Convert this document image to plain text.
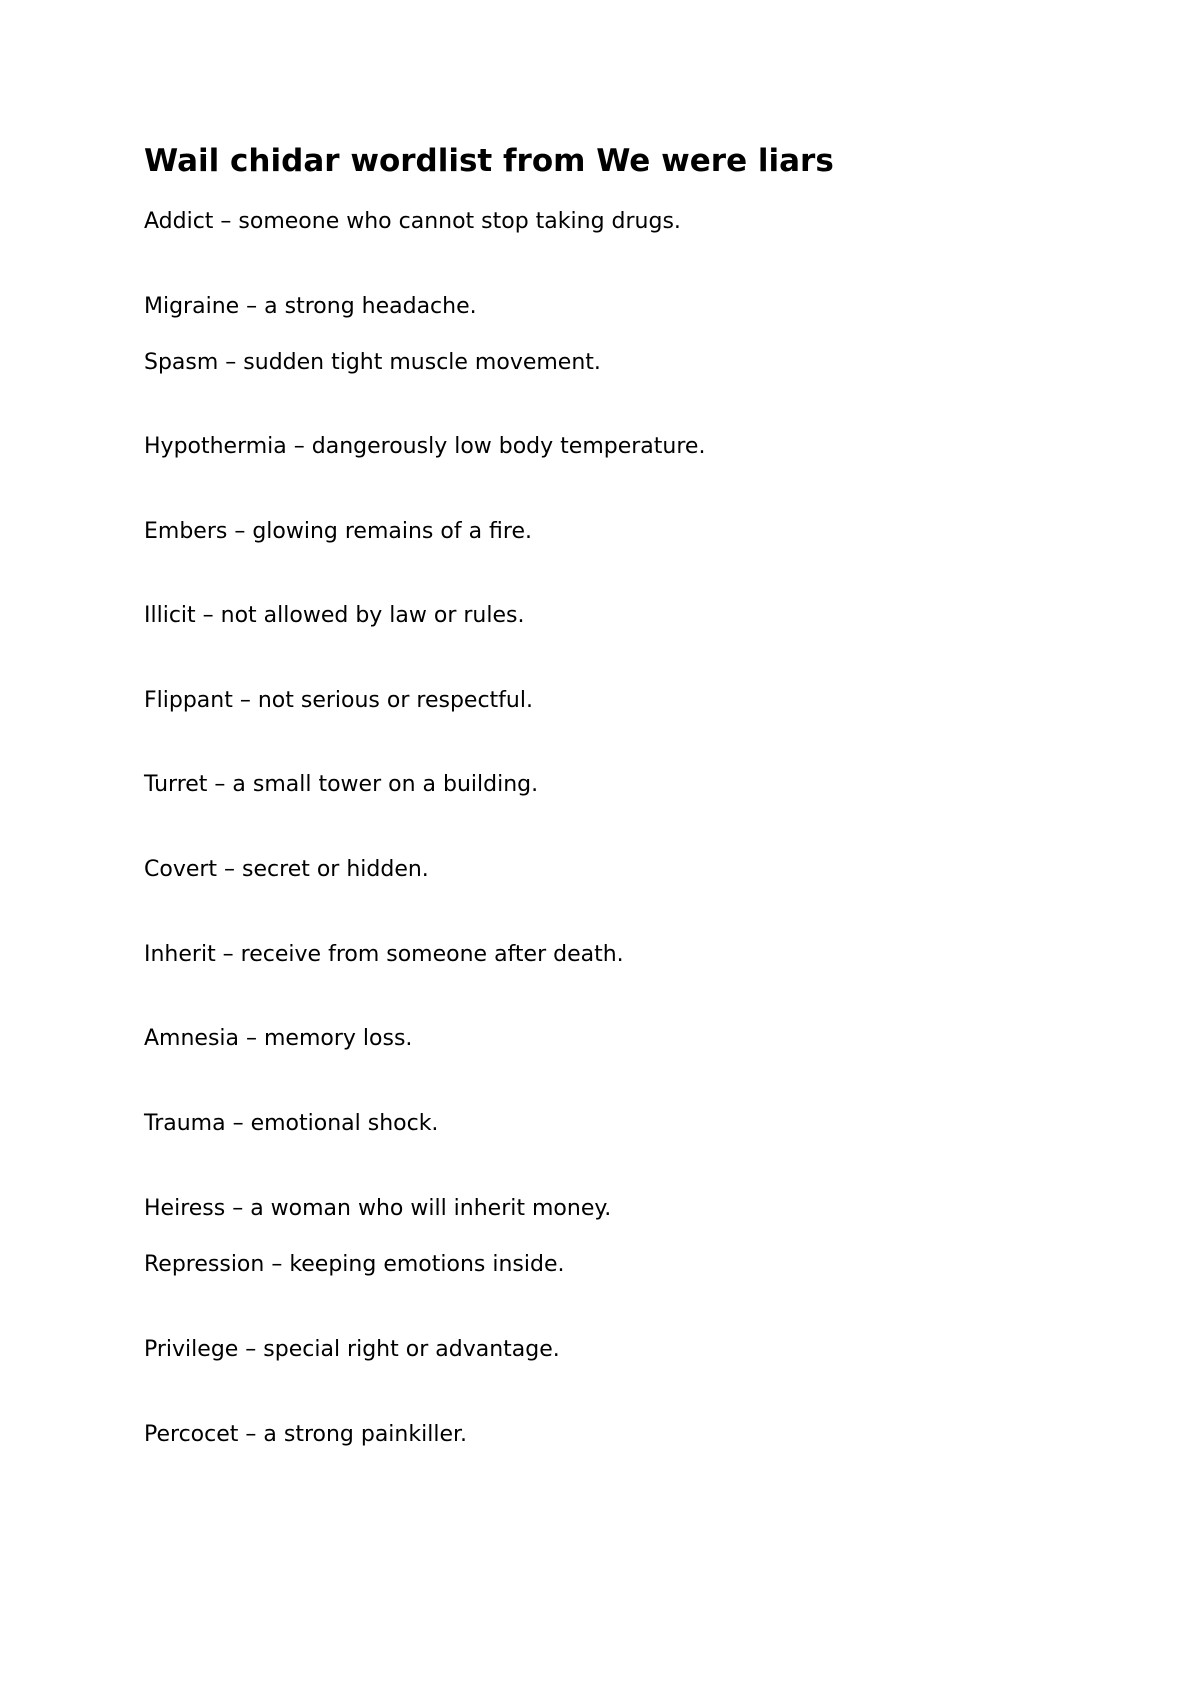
Wail chidar wordlist from We were liars

Addict – someone who cannot stop taking drugs.

Migraine – a strong headache.

Spasm – sudden tight muscle movement.

Hypothermia – dangerously low body temperature.

Embers – glowing remains of a fire.

Illicit – not allowed by law or rules.

Flippant – not serious or respectful.

Turret – a small tower on a building.

Covert – secret or hidden.

Inherit – receive from someone after death.

Amnesia – memory loss.

Trauma – emotional shock.

Heiress – a woman who will inherit money.

Repression – keeping emotions inside.

Privilege – special right or advantage.

Percocet – a strong painkiller.
